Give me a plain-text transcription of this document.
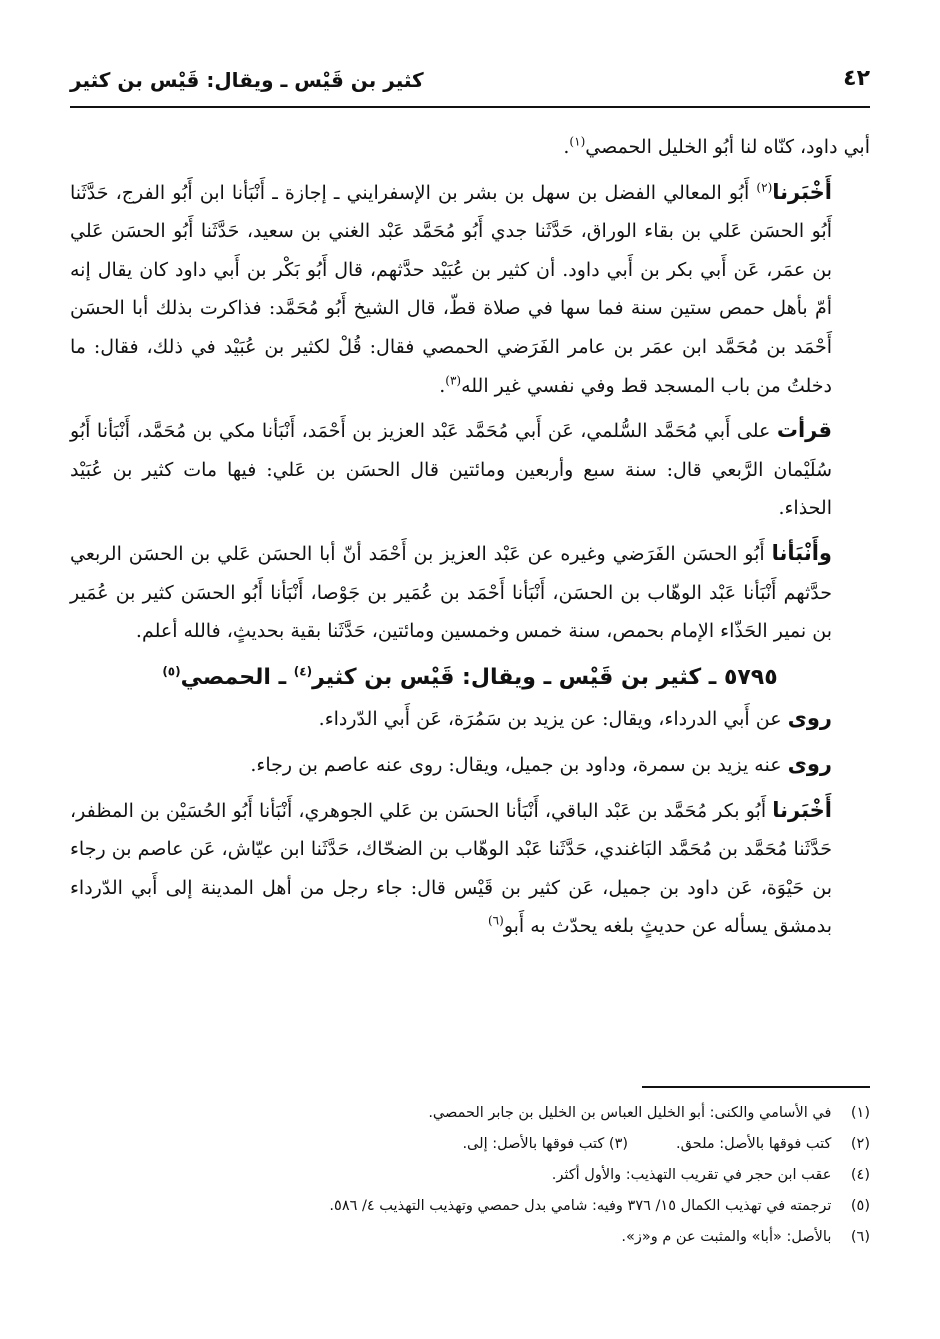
٤٢
كثير بن قَيْس ـ ويقال: قَيْس بن كثير

أبي داود، كنّاه لنا أبُو الخليل الحمصي$^{(١)}$.

أَخْبَرنا$^{(٢)}$ أَبُو المعالي الفضل بن سهل بن بشر بن الإسفرايني ـ إجازة ـ أَنْبَأنا ابن أَبُو الفرج، حَدَّثَنا أَبُو الحسَن عَلي بن بقاء الوراق، حَدَّثَنا جدي أَبُو مُحَمَّد عَبْد الغني بن سعيد، حَدَّثَنا أَبُو الحسَن عَلي بن عمَر، عَن أَبي بكر بن أَبي داود. أن كثير بن عُبَيْد حدَّثهم، قال أَبُو بَكْر بن أَبي داود كان يقال إنه أمّ بأهل حمص ستين سنة فما سها في صلاة قطّ، قال الشيخ أَبُو مُحَمَّد: فذاكرت بذلك أبا الحسَن أَحْمَد بن مُحَمَّد ابن عمَر بن عامر الفَرَضي الحمصي فقال: قُلْ لكثير بن عُبَيْد في ذلك، فقال: ما دخلتُ من باب المسجد قط وفي نفسي غير الله$^{(٣)}$.

قرأت على أَبي مُحَمَّد السُّلمي، عَن أَبي مُحَمَّد عَبْد العزيز بن أَحْمَد، أَنْبَأنا مكي بن مُحَمَّد، أَنْبَأنا أَبُو سُلَيْمان الرَّبعي قال: سنة سبع وأربعين ومائتين قال الحسَن بن عَلي: فيها مات كثير بن عُبَيْد الحذاء.

وأَنْبَأنا أَبُو الحسَن الفَرَضي وغيره عن عَبْد العزيز بن أَحْمَد أنّ أبا الحسَن عَلي بن الحسَن الربعي حدَّثهم أَنْبَأنا عَبْد الوهّاب بن الحسَن، أَنْبَأنا أَحْمَد بن عُمَير بن جَوْصا، أَنْبَأنا أَبُو الحسَن كثير بن عُمَير بن نمير الحَذّاء الإمام بحمص، سنة خمس وخمسين ومائتين، حَدَّثَنا بقية بحديثٍ، فالله أعلم.

٥٧٩٥ ـ كثير بن قَيْس ـ ويقال: قَيْس بن كثير$^{(٤)}$ ـ الحمصي$^{(٥)}$

روى عن أَبي الدرداء، ويقال: عن يزيد بن سَمُرَة، عَن أَبي الدّرداء.

روى عنه يزيد بن سمرة، وداود بن جميل، ويقال: روى عنه عاصم بن رجاء.

أَخْبَرنا أَبُو بكر مُحَمَّد بن عَبْد الباقي، أَنْبَأنا الحسَن بن عَلي الجوهري، أَنْبَأنا أَبُو الحُسَيْن بن المظفر، حَدَّثَنا مُحَمَّد بن مُحَمَّد البَاغندي، حَدَّثَنا عَبْد الوهّاب بن الضحّاك، حَدَّثَنا ابن عيّاش، عَن عاصم بن رجاء بن حَيْوَة، عَن داود بن جميل، عَن كثير بن قَيْس قال: جاء رجل من أهل المدينة إلى أَبي الدّرداء بدمشق يسأله عن حديثٍ بلغه يحدّث به أَبو$^{(٦)}$

(١) في الأسامي والكنى: أبو الخليل العباس بن الخليل بن جابر الحمصي.
(٢) كتب فوقها بالأصل: ملحق.(٣) كتب فوقها بالأصل: إلى.
(٤) عقب ابن حجر في تقريب التهذيب: والأول أكثر.
(٥) ترجمته في تهذيب الكمال ١٥/ ٣٧٦ وفيه: شامي بدل حمصي وتهذيب التهذيب ٤/ ٥٨٦.
(٦) بالأصل: «أبا» والمثبت عن م و«ز».
